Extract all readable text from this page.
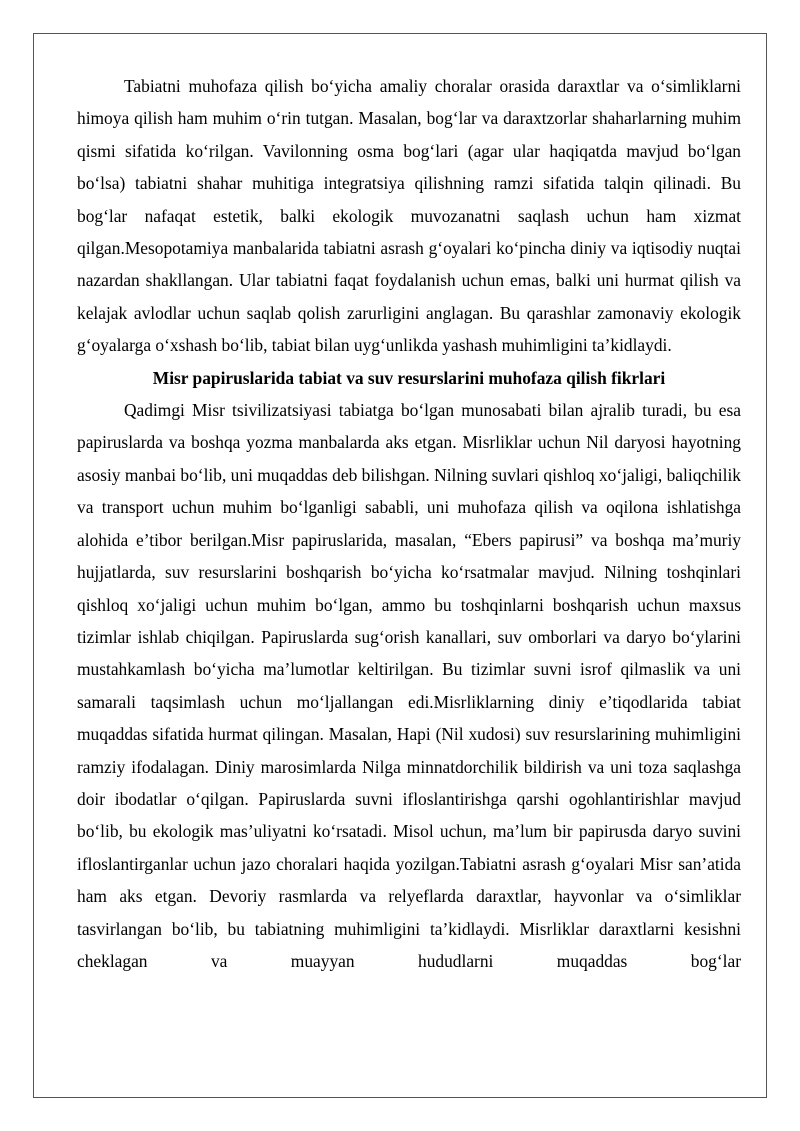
Tabiatni muhofaza qilish bo‘yicha amaliy choralar orasida daraxtlar va o‘simliklarni himoya qilish ham muhim o‘rin tutgan. Masalan, bog‘lar va daraxtzorlar shaharlarning muhim qismi sifatida ko‘rilgan. Vavilonning osma bog‘lari (agar ular haqiqatda mavjud bo‘lgan bo‘lsa) tabiatni shahar muhitiga integratsiya qilishning ramzi sifatida talqin qilinadi. Bu bog‘lar nafaqat estetik, balki ekologik muvozanatni saqlash uchun ham xizmat qilgan.Mesopotamiya manbalarida tabiatni asrash g‘oyalari ko‘pincha diniy va iqtisodiy nuqtai nazardan shakllangan. Ular tabiatni faqat foydalanish uchun emas, balki uni hurmat qilish va kelajak avlodlar uchun saqlab qolish zarurligini anglagan. Bu qarashlar zamonaviy ekologik g‘oyalarga o‘xshash bo‘lib, tabiat bilan uyg‘unlikda yashash muhimligini ta’kidlaydi.

Misr papiruslarida tabiat va suv resurslarini muhofaza qilish fikrlari

Qadimgi Misr tsivilizatsiyasi tabiatga bo‘lgan munosabati bilan ajralib turadi, bu esa papiruslarda va boshqa yozma manbalarda aks etgan. Misrliklar uchun Nil daryosi hayotning asosiy manbai bo‘lib, uni muqaddas deb bilishgan. Nilning suvlari qishloq xo‘jaligi, baliqchilik va transport uchun muhim bo‘lganligi sababli, uni muhofaza qilish va oqilona ishlatishga alohida e’tibor berilgan.Misr papiruslarida, masalan, “Ebers papirusi” va boshqa ma’muriy hujjatlarda, suv resurslarini boshqarish bo‘yicha ko‘rsatmalar mavjud. Nilning toshqinlari qishloq xo‘jaligi uchun muhim bo‘lgan, ammo bu toshqinlarni boshqarish uchun maxsus tizimlar ishlab chiqilgan. Papiruslarda sug‘orish kanallari, suv omborlari va daryo bo‘ylarini mustahkamlash bo‘yicha ma’lumotlar keltirilgan. Bu tizimlar suvni isrof qilmaslik va uni samarali taqsimlash uchun mo‘ljallangan edi.Misrliklarning diniy e’tiqodlarida tabiat muqaddas sifatida hurmat qilingan. Masalan, Hapi (Nil xudosi) suv resurslarining muhimligini ramziy ifodalagan. Diniy marosimlarda Nilga minnatdorchilik bildirish va uni toza saqlashga doir ibodatlar o‘qilgan. Papiruslarda suvni ifloslantirishga qarshi ogohlantirishlar mavjud bo‘lib, bu ekologik mas’uliyatni ko‘rsatadi. Misol uchun, ma’lum bir papirusda daryo suvini ifloslantirganlar uchun jazo choralari haqida yozilgan.Tabiatni asrash g‘oyalari Misr san’atida ham aks etgan. Devoriy rasmlarda va relyeflarda daraxtlar, hayvonlar va o‘simliklar tasvirlangan bo‘lib, bu tabiatning muhimligini ta’kidlaydi. Misrliklar daraxtlarni kesishni cheklagan va muayyan hududlarni muqaddas bog‘lar
